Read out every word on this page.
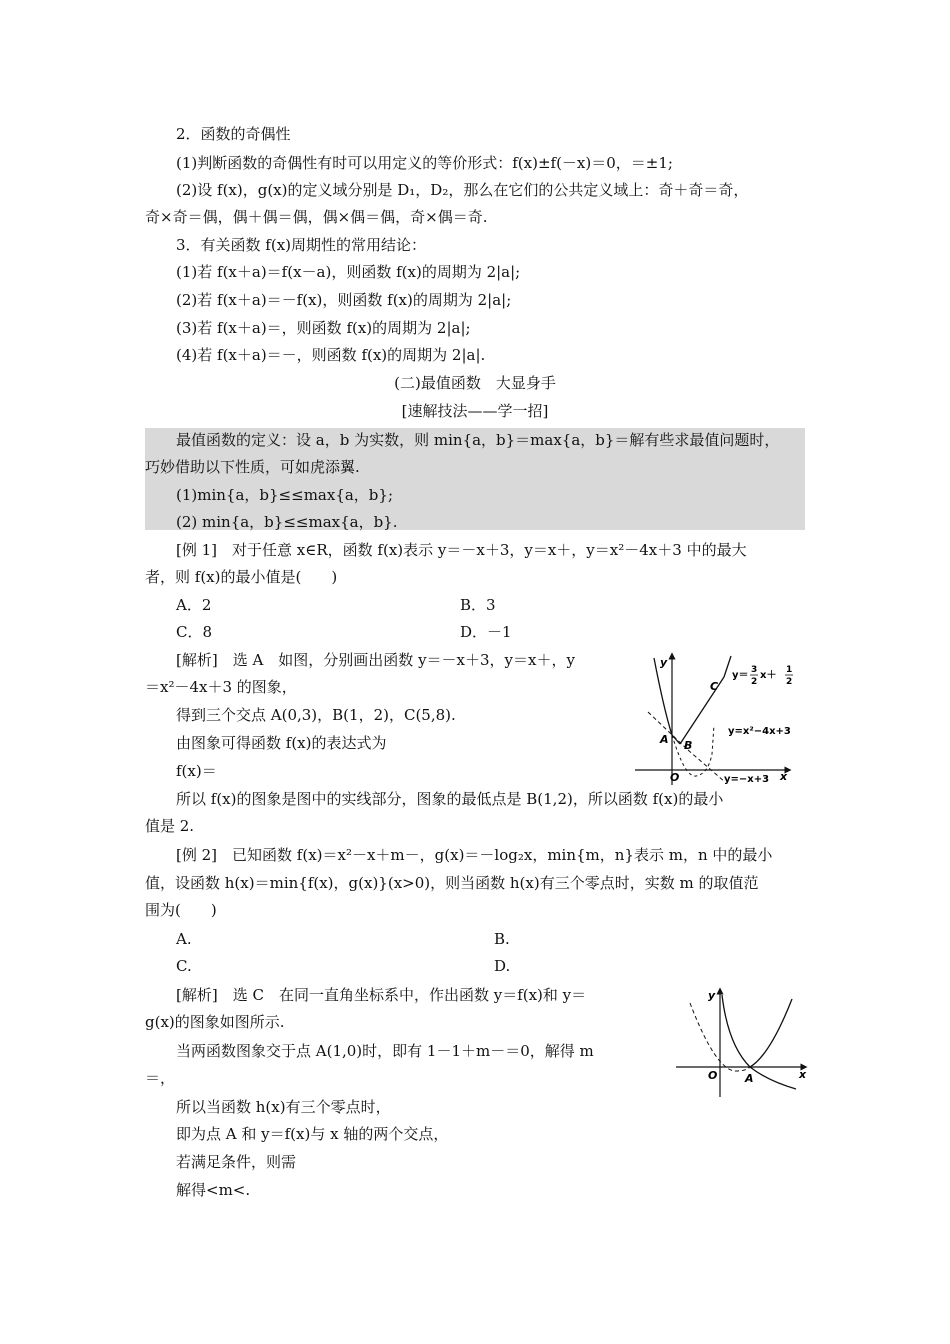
2．函数的奇偶性
(1)判断函数的奇偶性有时可以用定义的等价形式：f(x)±f(－x)＝0，＝±1;
(2)设 f(x)，g(x)的定义域分别是 D₁，D₂，那么在它们的公共定义域上：奇＋奇＝奇，
奇×奇＝偶，偶＋偶＝偶，偶×偶＝偶，奇×偶＝奇.
3．有关函数 f(x)周期性的常用结论：
(1)若 f(x＋a)＝f(x－a)，则函数 f(x)的周期为 2|a|;
(2)若 f(x＋a)＝－f(x)，则函数 f(x)的周期为 2|a|;
(3)若 f(x＋a)＝，则函数 f(x)的周期为 2|a|;
(4)若 f(x＋a)＝－，则函数 f(x)的周期为 2|a|.
(二)最值函数　大显身手
[速解技法——学一招]
最值函数的定义：设 a，b 为实数，则 min{a，b}＝max{a，b}＝解有些求最值问题时，
巧妙借助以下性质，可如虎添翼.
(1)min{a，b}≤≤max{a，b};
(2) min{a，b}≤≤max{a，b}.
[例 1]　对于任意 x∈R，函数 f(x)表示 y＝－x＋3，y＝x＋，y＝x²－4x＋3 中的最大
者，则 f(x)的最小值是(　　)
A．2	B．3
C．8	D．－1
[解析]　选 A　如图，分别画出函数 y＝－x＋3，y＝x＋，y
＝x²－4x＋3 的图象，
得到三个交点 A(0,3)，B(1，2)，C(5,8).
由图象可得函数 f(x)的表达式为
f(x)＝
所以 f(x)的图象是图中的实线部分，图象的最低点是 B(1,2)，所以函数 f(x)的最小
值是 2.
y
x
O
A B
C
y＝ 3
2
x＋ 1
2
y=x²−4x+3
y=−x+3
[例 2]　已知函数 f(x)＝x²－x＋m－，g(x)＝－log₂x，min{m，n}表示 m，n 中的最小
值，设函数 h(x)＝min{f(x)，g(x)}(x>0)，则当函数 h(x)有三个零点时，实数 m 的取值范
围为(　　)
A.	B.
C.	D.
[解析]　选 C　在同一直角坐标系中，作出函数 y＝f(x)和 y＝
g(x)的图象如图所示.
当两函数图象交于点 A(1,0)时，即有 1－1＋m－＝0，解得 m
＝，
所以当函数 h(x)有三个零点时，
即为点 A 和 y＝f(x)与 x 轴的两个交点，
若满足条件，则需
解得<m<.
y
x
O	A
